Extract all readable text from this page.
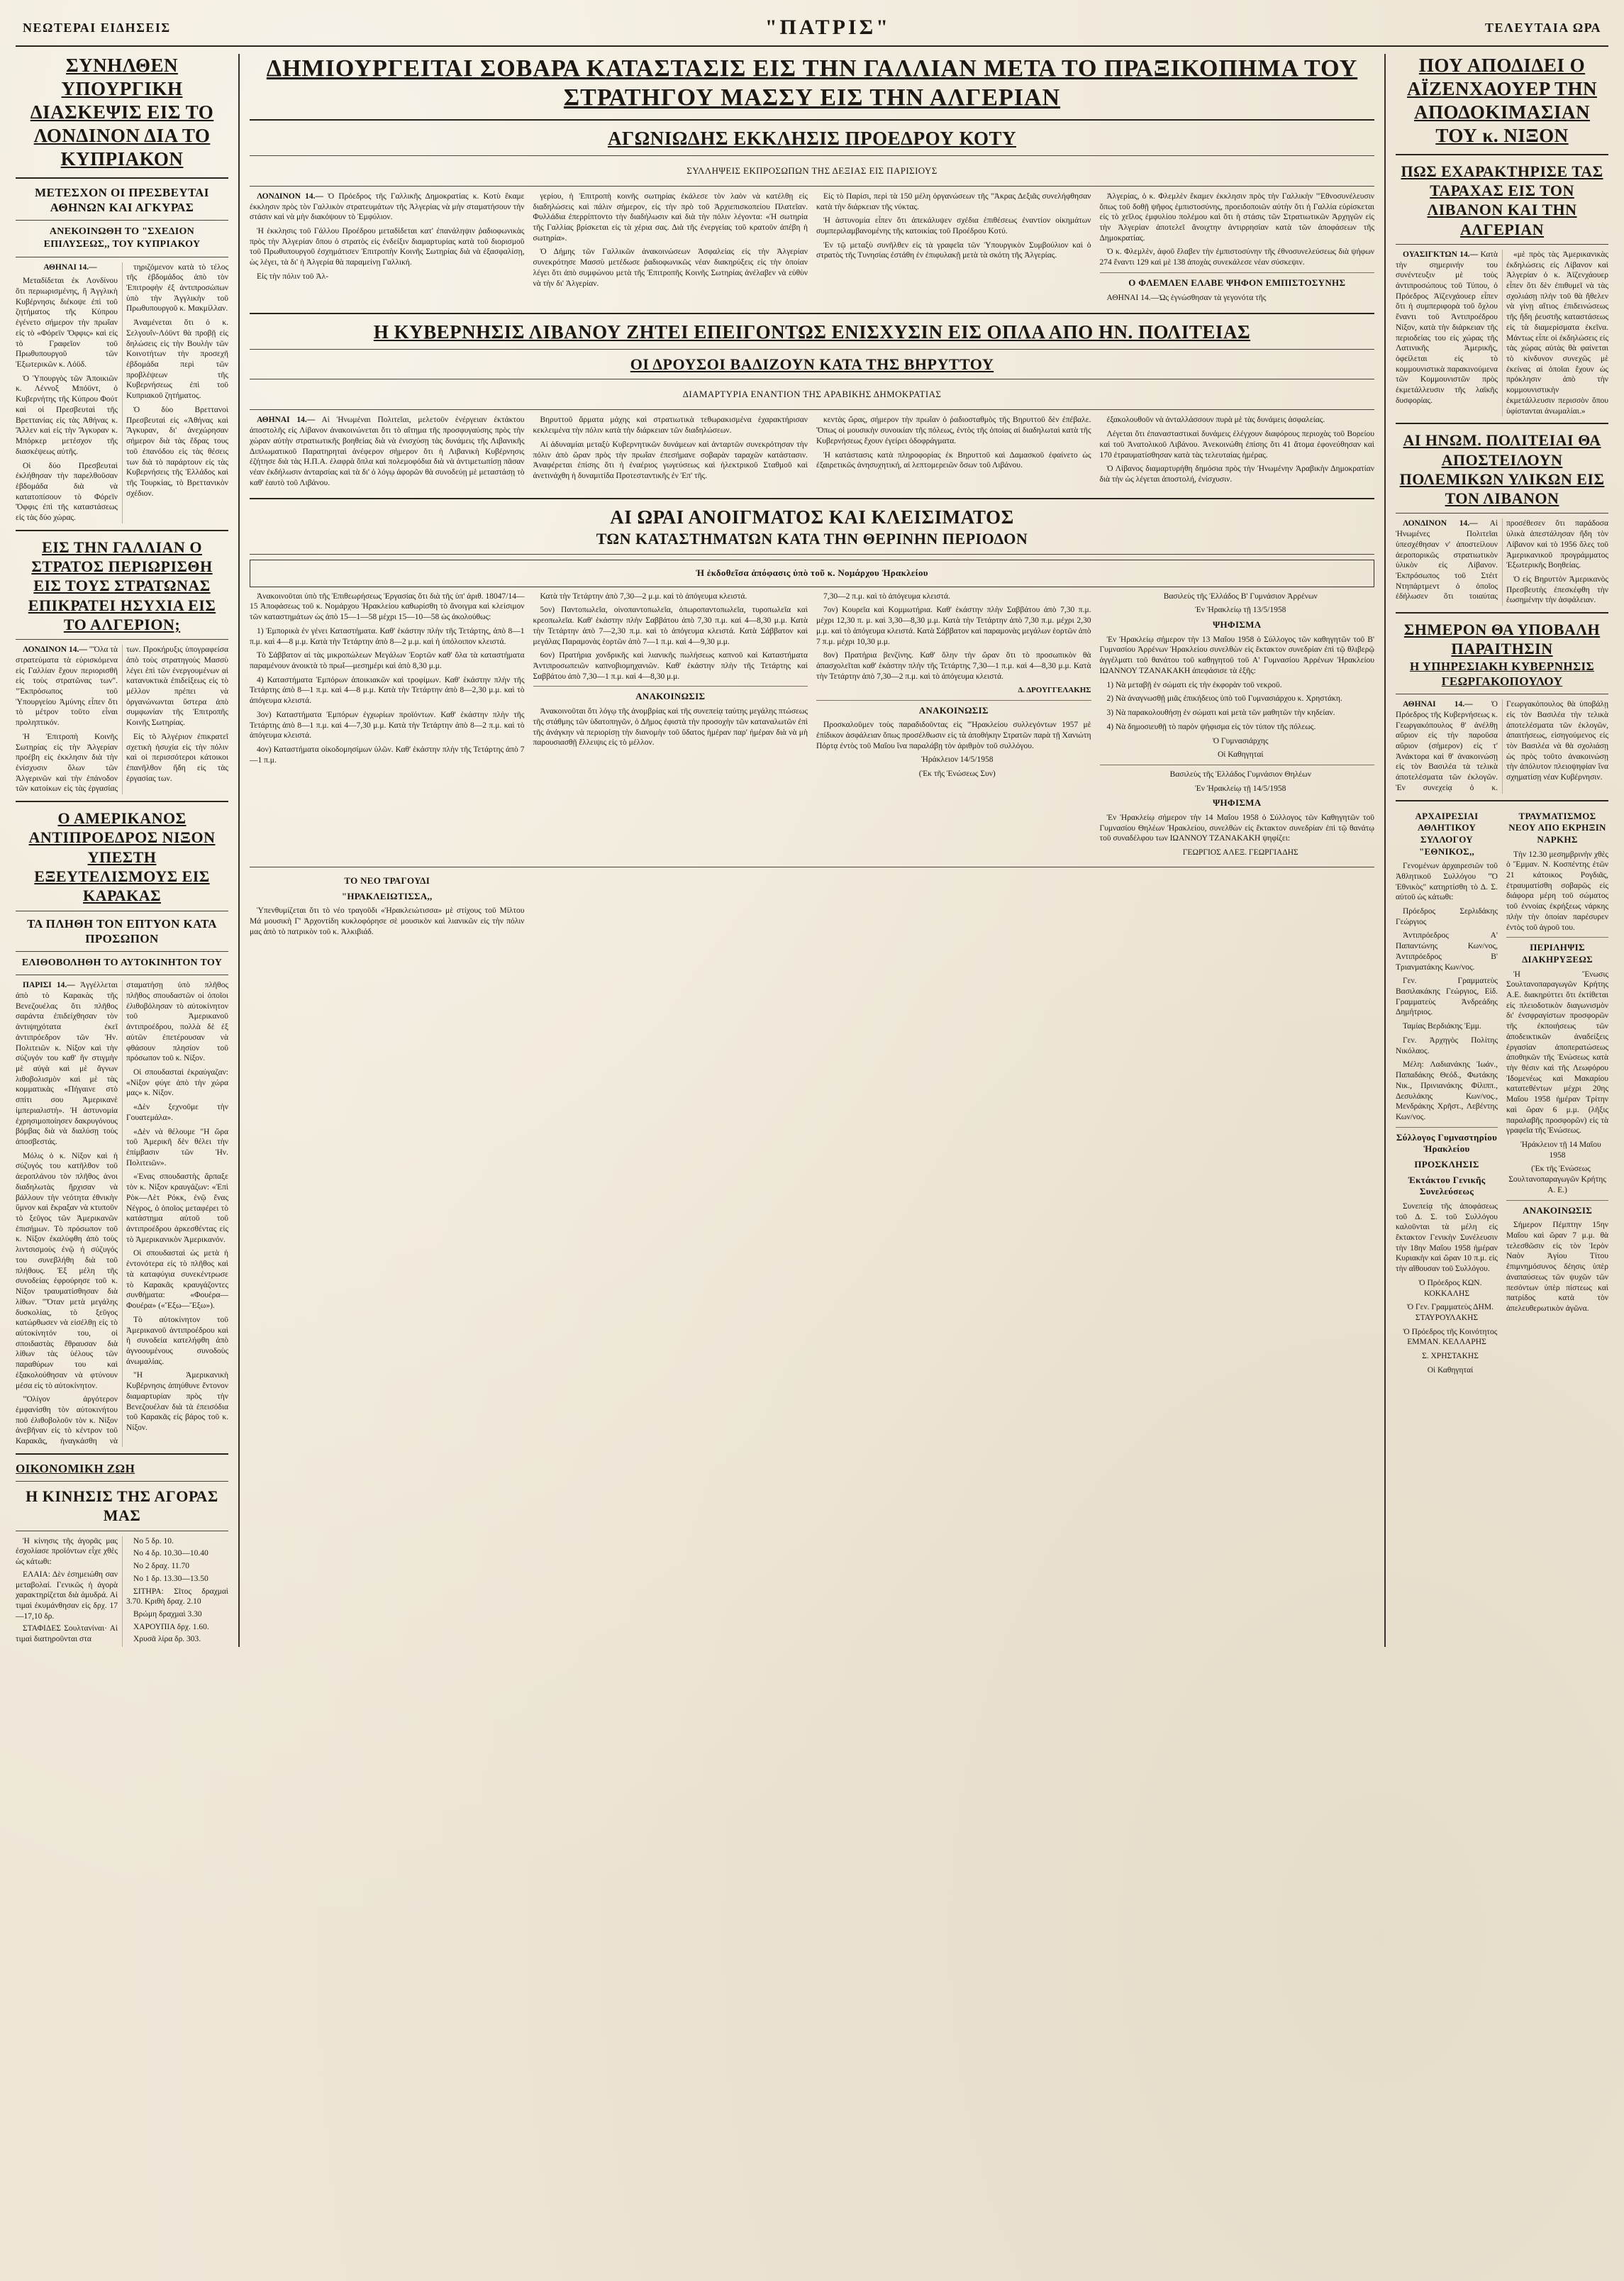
ΝΕΩΤΕΡΑΙ ΕΙΔΗΣΕΙΣ	"ΠΑΤΡΙΣ"	ΤΕΛΕΥΤΑΙΑ ΩΡΑ
ΣΥΝΗΛΘΕΝ ΥΠΟΥΡΓΙΚΗ ΔΙΑΣΚΕΨΙΣ ΕΙΣ ΤΟ ΛΟΝΔΙΝΟΝ ΔΙΑ ΤΟ ΚΥΠΡΙΑΚΟΝ
ΜΕΤΕΣΧΟΝ ΟΙ ΠΡΕΣΒΕΥΤΑΙ ΑΘΗΝΩΝ ΚΑΙ ΑΓΚΥΡΑΣ
ΑΝΕΚΟΙΝΩΘΗ ΤΟ "ΣΧΕΔΙΟΝ ΕΠΙΛΥΣΕΩΣ,, ΤΟΥ ΚΥΠΡΙΑΚΟΥ

ΑΘΗΝΑΙ 14.—

Μεταδίδεται ἐκ Λονδίνου ὅτι περιωρισμένης, ἢ Ἀγγλικὴ Κυβέρνησις διέκοψε ἐπὶ τοῦ ζητήματος τῆς Κύπρου ἐγένετο σήμερον τὴν πρωΐαν εἰς τὸ «Φόρεϊν Ὄφφις» καὶ εἰς τὸ Γραφεῖον τοῦ Πρωθυπουργοῦ τῶν Ἐξωτερικῶν κ. Λόϋδ.

Ὁ Ὑπουργὸς τῶν Ἀποικιῶν κ. Λέννοξ Μπόϋντ, ὁ Κυβερνήτης τῆς Κύπρου Φούτ καὶ οἱ Πρεσβευταὶ τῆς Βρεττανίας εἰς τὰς Ἀθήνας κ. Ἄλλεν καὶ εἰς τὴν Ἄγκυραν κ. Μπόρκερ μετέσχον τῆς διασκέψεως αὐτῆς.

Οἱ δύο Πρεσβευταὶ ἐκλήθησαν τὴν παρελθοῦσαν ἑβδομάδα διὰ νὰ κατατοπίσουν τὸ Φόρεϊν Ὄφφις ἐπὶ τῆς καταστάσεως εἰς τὰς δύο χώρας.

τηριζόμενον κατὰ τὸ τέλος τῆς ἑβδομάδος ἀπὸ τὸν Ἐπιτροφὴν ἐξ ἀντιπροσώπων ὑπὸ τὴν Ἀγγλικὴν τοῦ Πρωθυπουργοῦ κ. Μακμίλλαν.

Ἀναμένεται ὅτι ὁ κ. Σελγουΐν-Λόϋντ θὰ προβῇ εἰς δηλώσεις εἰς τὴν Βουλὴν τῶν Κοινοτήτων τὴν προσεχῆ ἑβδομάδα περὶ τῶν προβλέψεων τῆς Κυβερνήσεως ἐπὶ τοῦ Κυπριακοῦ ζητήματος.

Ὁ δὺο Βρεττανοὶ Πρεσβευταὶ εἰς «Ἀθήνας καὶ Ἄγκυραν, δι' ἀνεχώρησαν σήμερον διὰ τὰς ἕδρας τους τοῦ ἐπανόδου εἰς τὰς θέσεις των διὰ τὸ παράρτουν εἰς τὰς Κυβερνήσεις τῆς Ἑλλάδος καὶ τῆς Τουρκίας, τὸ Βρεττανικὸν σχέδιον.

ΕΙΣ ΤΗΝ ΓΑΛΛΙΑΝ Ο ΣΤΡΑΤΟΣ ΠΕΡΙΩΡΙΣΘΗ ΕΙΣ ΤΟΥΣ ΣΤΡΑΤΩΝΑΣ ΕΠΙΚΡΑΤΕΙ ΗΣΥΧΙΑ ΕΙΣ ΤΟ ΑΛΓΕΡΙΟΝ;

ΛΟΝΔΙΝΟΝ 14.— "Ὅλα τὰ στρατεύματα τὰ εὐρισκόμενα εἰς Γαλλίαν ἔχουν περιορισθῆ εἰς τοὺς στρατῶνας των". "Ἐκπρόσωπος τοῦ Ὑπουργείου Ἀμύνης εἶπεν ὅτι τὸ μέτρον τοῦτο εἶναι προληπτικόν.

Ἡ Ἐπιτροπὴ Κοινῆς Σωτηρίας εἰς τὴν Ἀλγερίαν προέβη εἰς ἐκκλησιν διὰ τὴν ἐνίσχυσιν ὅλων τῶν Ἀλγερινῶν καὶ τὴν ἐπάνοδον τῶν κατοίκων εἰς τὰς ἐργασίας των. Προκήρυξις ὑπογραφείσα ἀπὸ τοὺς στρατηγοὺς Μασσὺ λέγει ἐπὶ τῶν ἐνεργουμένων αἱ κατανυκτικὰ ἐπιδείξεως εἰς τὸ μέλλον πρέπει νὰ ὀργανώνωνται ὕστερα ἀπὸ συμφωνίαν τῆς Ἐπιτροπῆς Κοινῆς Σωτηρίας.

Εἰς τὸ Ἀλγέριον ἐπικρατεῖ σχετικὴ ἡσυχία εἰς τὴν πόλιν καὶ οἱ περισσότεροι κάτοικοι ἐπανῆλθον ἤδη εἰς τὰς ἐργασίας των.

Ο ΑΜΕΡΙΚΑΝΟΣ ΑΝΤΙΠΡΟΕΔΡΟΣ ΝΙΞΟΝ ΥΠΕΣΤΗ ΕΞΕΥΤΕΛΙΣΜΟΥΣ ΕΙΣ ΚΑΡΑΚΑΣ
ΤΑ ΠΛΗΘΗ ΤΟΝ ΕΠΤΥΟΝ ΚΑΤΑ ΠΡΟΣΩΠΟΝ
ΕΛΙΘΟΒΟΛΗΘΗ ΤΟ ΑΥΤΟΚΙΝΗΤΟΝ ΤΟΥ

ΠΑΡΙΣΙ 14.— Ἀγγέλλεται ἀπὸ τὸ Καρακὰς τῆς Βενεζουέλας ὅτι πλῆθος σαράντα ἐπιδείχθησαν τὸν ἀντιψηχότατα ἐκεῖ ἀντιπρόεδρον τῶν Ἡν. Πολιτειῶν κ. Νίξον καὶ τὴν σύζυγόν του καθ' ἣν στιγμὴν μὲ αὐγὰ καὶ μὲ ἄγνων λιθοβολισμὸν καὶ μὲ τὰς κομματικὰς «Πήγαινε στὸ σπίτι σου Ἀμερικανὲ ἱμπεριαλιστή». Ἡ ἀστυνομία ἐχρησιμοποίησεν δακρυγόνους βόμβας διὰ νὰ διαλύσῃ τοὺς ἀποσβεστάς.

Μόλις ὁ κ. Νίξον καὶ ἡ σύζυγός του κατῆλθον τοῦ ἀεροπλάνου τὸν πλῆθος ἀνοι διαδηλωτὰς ἤρχισαν νὰ βάλλουν τὴν νεότητα ἐθνικὴν ὕμνον καὶ ἔκραξαν νὰ κτυποῦν τὸ ξεῦγος τῶν Ἀμερικανῶν ἐπισήμων. Τὸ πρόσωπον τοῦ κ. Νίξον ἐκαλύφθη ἀπὸ τοὺς λιντσισμοὺς ἐνῷ ἡ σύζυγός του συνεβλήθη διὰ τοῦ πλήθους. Ἐξ μέλη τῆς συνοδείας ἐφρούρησε τοῦ κ. Νίξον τραυματίσθησαν διὰ λίθων. "Ὅταν μετὰ μεγάλης δυσκολίας, τὸ ξεῦγος κατώρθωσεν νὰ εἰσέλθῃ εἰς τὸ αὐτοκίνητόν του, οἱ σποιδαστὰς ἔθραυσαν διὰ λίθων τὰς ὑέλους τῶν παραθύρων του καὶ ἐξακολούθησαν νὰ φτύνουν μέσα εἰς τὸ αὐτοκίνητον.

"Ὀλίγον ἀργότερον ἐμφανίσθη τὸν αὐτοκινήτου ποῦ ἐλιθοβολοῦν τὸν κ. Νίξον ἀνεβῆναν εἰς τὸ κέντρον τοῦ Καρακᾶς, ἡναγκάσθη νὰ σταματήσῃ ὑπὸ πλῆθος πλῆθος σπουδαστῶν οἱ ὁποῖοι ἐλιθοβόλησαν τὸ αὐτοκίνητον τοῦ Ἀμερικανοῦ ἀντιπροέδρου, πολλὰ δὲ ἐξ αὐτῶν ἐπετέρουσαν νὰ φθάσουν πλησίον τοῦ πρόσωπον τοῦ κ. Νίξον.

Οἱ σπουδασταὶ ἐκραύγαζαν: «Νίξον φύγε ἀπὸ τὴν χώρα μας» κ. Νίξον.

«Δὲν ξεχνοῦμε τὴν Γουατεμάλα».

«Δὲν νὰ θέλουμε "Η ὥρα τοῦ Ἀμερικῆ δὲν θέλει τὴν ἐπίμβασιν τῶν Ἡν. Πολιτειῶν».

«Ἐνας σπουδαστὴς ἄρπαξε τὸν κ. Νίξον κραυγάζων: «Ἐπὶ Ρὸκ—Λὲτ Ρόκκ, ἐνῷ ἕνας Νέγρος, ὁ ὁποῖος μεταφέρει τὸ κατάστημα αὐτοῦ τοῦ ἀντιπροέδρου ἀρκεσθέντας εἰς τὸ Ἀμερικανικὸν Ἀμερικανόν.

Οἱ σπουδασταὶ ὡς μετὰ ἡ ἐντονότερα εἰς τὸ πλῆθος καὶ τὰ καταφύγια συνεκέντρωσε τὸ Καρακᾶς κραυγάζοντες συνθήματα: «Φουέρα—Φουέρα» («Ἔξω—Ἔξω»).

Τὸ αὐτοκίνητον τοῦ Ἀμερικανοῦ ἀντιπροέδρου καὶ ἡ συνοδεία κατελήφθη ἀπὸ ἀγνοουμένους συνοδοὺς ἀνωμαλίας.

"Η Ἀμερικανικὴ Κυβέρνησις ἀπηύθυνε ἔντονον διαμαρτυρίαν πρὸς τὴν Βενεζουέλαν διὰ τὰ ἐπεισόδια τοῦ Καρακᾶς εἰς βάρος τοῦ κ. Νίξον.

ΟΙΚΟΝΟΜΙΚΗ ΖΩΗ
Η ΚΙΝΗΣΙΣ ΤΗΣ ΑΓΟΡΑΣ ΜΑΣ

Ἡ κίνησις τῆς ἀγορᾶς μας ἐσχολίασε προϊόντων εἶχε χθὲς ὡς κάτωθι:

ΕΛΑΙΑ: Δὲν ἐσημειώθη σαν μεταβολαί. Γενικῶς ἡ ἀγορὰ χαρακτηρίζεται διὰ ἀμυδρά. Αἱ τιμαὶ ἐκυμάνθησαν εἰς δρχ. 17—17,10 δρ.

ΣΤΑΦΙΔΕΣ Σουλτανίναι· Αἱ τιμαὶ διατηροῦνται στα

Νο 5 δρ. 10.

Νο 4 δρ. 10.30—10.40

Νο 2 δραχ. 11.70

Νο 1 δρ. 13.30—13.50

ΣΙΤΗΡΑ: Σῖτος δραχμαὶ 3.70. Κριθὴ δραχ. 2.10

Βρώμη δραχμαὶ 3.30

ΧΑΡΟΥΠΙΑ δρχ. 1.60.

Χρυσᾶ λίρα δρ. 303.

ΔΗΜΙΟΥΡΓΕΙΤΑΙ ΣΟΒΑΡΑ ΚΑΤΑΣΤΑΣΙΣ ΕΙΣ ΤΗΝ ΓΑΛΛΙΑΝ ΜΕΤΑ ΤΟ ΠΡΑΞΙΚΟΠΗΜΑ ΤΟΥ ΣΤΡΑΤΗΓΟΥ ΜΑΣΣΥ ΕΙΣ ΤΗΝ ΑΛΓΕΡΙΑΝ
ΑΓΩΝΙΩΔΗΣ ΕΚΚΛΗΣΙΣ ΠΡΟΕΔΡΟΥ ΚΟΤΥ
ΣΥΛΛΗΨΕΙΣ ΕΚΠΡΟΣΩΠΩΝ ΤΗΣ ΔΕΞΙΑΣ ΕΙΣ ΠΑΡΙΣΙΟΥΣ

ΛΟΝΔΙΝΟΝ 14.— Ὁ Πρόεδρος τῆς Γαλλικῆς Δημοκρατίας κ. Κοτὺ ἔκαμε ἐκκλησιν πρὸς τὸν Γαλλικὸν στρατευμάτων τῆς Ἀλγερίας νὰ μὴν σταματήσουν τὴν στάσιν καὶ νὰ μὴν διακόψουν τὸ Ἐμφύλιον.

Ἡ ἐκκλησις τοῦ Γάλλου Προέδρου μεταδίδεται κατ' ἐπανάληψιν ῥαδιοφωνικὰς πρὸς τὴν Ἀλγερίαν ὅπου ὁ στρατὸς εἰς ἐνδείξιν διαμαρτυρίας κατὰ τοῦ διορισμοῦ τοῦ Πρωθυπουργοῦ ἐσχημάτισεν Ἐπιτροπὴν Κοινῆς Σωτηρίας διὰ νὰ ἐξασφαλίσῃ, ὡς λέγει, τὰ δι' ἡ Ἀλγερία θὰ παραμείνῃ Γαλλική.

Εἰς τὴν πόλιν τοῦ Ἀλ-

γερίου, ἡ Ἐπιτροπὴ κοινῆς σωτηρίας ἐκάλεσε τὸν λαὸν νὰ κατέλθῃ εἰς διαδηλώσεις καὶ πάλιν σήμερον, εἰς τὴν πρὸ τοῦ Ἀρχιεπισκοπείου Πλατεῖαν. Φυλλάδια ἐπερρίπτοντο τὴν διαδήλωσιν καὶ διὰ τὴν πόλιν λέγοντα: «Ἡ σωτηρία τῆς Γαλλίας βρίσκεται εἰς τὰ χέρια σας. Διὰ τῆς ἐνεργείας τοῦ κρατοῦν ἀπέβη ἡ σωτηρία».

Ὁ Δήμης τῶν Γαλλικῶν ἀνακοινώσεων Ἀσφαλείας εἰς τὴν Ἀλγερίαν συνεκρότησε Μασσὺ μετέδωσε ῥαδιοφωνικῶς νέαν διακηρύξεις εἰς τὴν ὁποίαν λέγει ὅτι ἀπὸ συμφώνου μετὰ τῆς Ἐπιτροπῆς Κοινῆς Σωτηρίας ἀνέλαβεν νὰ εὐθὺν νὰ τὴν δι' Ἀλγερίαν.

Εἰς τὸ Παρίσι, περὶ τὰ 150 μέλη ὀργανώσεων τῆς "Ἀκρας Δεξιᾶς συνελήφθησαν κατὰ τὴν διάρκειαν τῆς νύκτας.

Ἡ ἀστυνομία εἶπεν ὅτι ἀπεκάλυψεν σχέδια ἐπιθέσεως ἐναντίον οἰκημάτων συμπεριλαμβανομένης τῆς κατοικίας τοῦ Προέδρου Κοτύ.

Ἐν τῷ μεταξὺ συνῆλθεν εἰς τὰ γραφεῖα τῶν Ὑπουργικὸν Συμβούλιον καὶ ὁ στρατὸς τῆς Τυνησίας ἐστάθη ἐν ἐπιφυλακῇ μετὰ τὰ σκότη τῆς Ἀλγερίας.

Ἀλγερίας, ὁ κ. Φλεμλὲν ἔκαμεν ἐκκλησιν πρὸς τὴν Γαλλικὴν "Ἐθνοσυνέλευσιν ὅπως τοῦ δοθῇ ψῆφος ἐμπιστοσύνης, προειδοποιῶν αὐτὴν ὅτι ἡ Γαλλία εὑρίσκεται εἰς τὸ χεῖλος ἐμφυλίου πολέμου καὶ ὅτι ἡ στάσις τῶν Στρατιωτικῶν Ἀρχηγῶν εἰς τὴν Ἀλγερίαν ἀποτελεῖ ἄνοιχτην ἀντιρρησίαν κατὰ τῶν ἀποφάσεων τῆς Δημοκρατίας.

Ὁ κ. Φλεμλὲν, ἀφοῦ ἔλαβεν τὴν ἐμπιστοσύνην τῆς ἐθνοσυνελεύσεως διὰ ψήφων 274 ἔναντι 129 καὶ μὲ 138 ἀποχὰς συνεκάλεσε νέαν σύσκεψιν.

Ο ΦΛΕΜΛΕΝ ΕΛΑΒΕ ΨΗΦΟΝ ΕΜΠΙΣΤΟΣΥΝΗΣ

ΑΘΗΝΑΙ 14.—Ὡς ἐγνώσθησαν τὰ γεγονότα τῆς

Η ΚΥΒΕΡΝΗΣΙΣ ΛΙΒΑΝΟΥ ΖΗΤΕΙ ΕΠΕΙΓΟΝΤΩΣ ΕΝΙΣΧΥΣΙΝ ΕΙΣ ΟΠΛΑ ΑΠΟ ΗΝ. ΠΟΛΙΤΕΙΑΣ
ΟΙ ΔΡΟΥΣΟΙ ΒΑΔΙΖΟΥΝ ΚΑΤΑ ΤΗΣ ΒΗΡΥΤΤΟΥ
ΔΙΑΜΑΡΤΥΡΙΑ ΕΝΑΝΤΙΟΝ ΤΗΣ ΑΡΑΒΙΚΗΣ ΔΗΜΟΚΡΑΤΙΑΣ

ΑΘΗΝΑΙ 14.— Αἱ Ἡνωμέναι Πολιτεῖαι, μελετοῦν ἐνέργειαν ἐκτάκτου ἀποστολῆς εἰς Λίβανον ἀνακοινώνεται ὅτι τὸ αἴτημα τῆς προσφυγαύσης πρὸς τὴν χώραν αὐτὴν στρατιωτικῆς βοηθείας διὰ νὰ ἐνισχύσῃ τὰς δυνάμεις τῆς Λιβανικῆς Διπλωματικοῦ Παρατηρηταὶ ἀνέφερον σήμερον ὅτι ἡ Λιβανικὴ Κυβέρνησις ἐζήτησε διὰ τὰς Η.Π.Α. ἐλαφρὰ ὅπλα καὶ πολεμοφόδια διὰ νὰ ἀντιμετωπίσῃ πᾶσαν νέαν ἐκδήλωσιν ἀνταρσίας καὶ τὰ δι' ὁ λόγῳ ἀφορῶν θὰ συνοδεύῃ μὲ μεταστάσῃ τὸ καθ' ἑαυτὸ τοῦ Λιβάνου.

Βηρυττοῦ ἅρματα μάχης καὶ στρατιωτικὰ τεθωρακισμένα ἐχαρακτήρισαν κεκλειμένα τὴν πόλιν κατὰ τὴν διάρκειαν τῶν διαδηλώσεων.

Αἱ ἀδυναμίαι μεταξὺ Κυβερνητικῶν δυνάμεων καὶ ἀνταρτῶν συνεκρότησαν τὴν πόλιν ἀπὸ ὥραν πρὸς τὴν πρωΐαν ἐπεσήμανε σοβαρὰν ταραχῶν κατάστασιν. Ἀναφέρεται ἐπίσης ὅτι ἡ ἐναέριος γωγεύσεως καὶ ἡλεκτρικοῦ Σταθμοῦ καὶ ἀνετινάχθη ἡ δυναμιτίδα Προτεσταντικῆς ἐν Ἐπ' τῆς.

κεντὰς ὥρας, σήμερον τὴν πρωΐαν ὁ ῥαδιοσταθμὸς τῆς Βηρυττοῦ δὲν ἐπέβαλε. Ὅπως οἱ μουσικὴν συνοικίαν τῆς πόλεως, ἐντὸς τῆς ὁποίας αἱ διαδηλωταὶ κατὰ τῆς Κυβερνήσεως ἔχουν ἐγείρει ὁδοφράγματα.

Ἡ κατάστασις κατὰ πληροφορίας ἐκ Βηρυττοῦ καὶ Δαμασκοῦ ἐφαίνετο ὡς ἐξαιρετικῶς ἀνησυχητική, αἱ λεπτομερειῶν ὅσων τοῦ Λιβάνου.

ἐξακολουθοῦν νὰ ἀνταλλάσσουν πυρὰ μὲ τὰς δυνάμεις ἀσφαλείας.

Λέγεται ὅτι ἐπανασταστικαὶ δυνάμεις ἐλέγχουν διαφόρους περιοχὰς τοῦ Βορείου καὶ τοῦ Ἀνατολικοῦ Λιβάνου. Ἀνεκοινώθη ἐπίσης ὅτι 41 ἄτομα ἐφονεύθησαν καὶ 170 ἐτραυματίσθησαν κατὰ τὰς τελευταίας ἡμέρας.

Ὁ Λίβανος διαμαρτυρήθη δημόσια πρὸς τὴν Ἡνωμένην Ἀραβικὴν Δημοκρατίαν διὰ τὴν ὡς λέγεται ἀποστολή, ἐνίσχυσιν.

ΑΙ ΩΡΑΙ ΑΝΟΙΓΜΑΤΟΣ ΚΑΙ ΚΛΕΙΣΙΜΑΤΟΣ
ΤΩΝ ΚΑΤΑΣΤΗΜΑΤΩΝ ΚΑΤΑ ΤΗΝ ΘΕΡΙΝΗΝ ΠΕΡΙΟΔΟΝ
Ἡ ἐκδοθεῖσα ἀπόφασις ὑπὸ τοῦ κ. Νομάρχου Ἡρακλείου

Ἀνακοινοῦται ὑπὸ τῆς Ἐπιθεωρήσεως Ἐργασίας ὅτι διὰ τῆς ὑπ' ἀριθ. 18047/14—15 Ἀποφάσεως τοῦ κ. Νομάρχου Ἡρακλείου καθωρίσθη τὸ ἄνοιγμα καὶ κλείσιμον τῶν καταστημάτων ὡς ἀπὸ 15—1—58 μέχρι 15—10—58 ὡς ἀκολούθως:

1) Ἐμπορικὰ ἐν γένει Καταστήματα. Καθ' ἑκάστην πλὴν τῆς Τετάρτης, ἀπὸ 8—1 π.μ. καὶ 4—8 μ.μ. Κατὰ τὴν Τετάρτην ἀπὸ 8—2 μ.μ. καὶ ἡ ὑπόλοιπον κλειστά.

Τὸ Σάββατον αἱ τὰς μικροπώλεων Μεγάλων Ἑορτῶν καθ' ὅλα τὰ καταστήματα παραμένουν ἀνοικτὰ τὸ πρωΐ—μεσημέρι καὶ ἀπὸ 8,30 μ.μ.

4) Καταστήματα Ἐμπόρων ἀποικιακῶν καὶ τροφίμων. Καθ' ἑκάστην πλὴν τῆς Τετάρτης ἀπὸ 8—1 π.μ. καὶ 4—8 μ.μ. Κατὰ τὴν Τετάρτην ἀπὸ 8—2,30 μ.μ. καὶ τὸ ἀπόγευμα κλειστά.

3ον) Καταστήματα Ἐμπόρων ἐγχωρίων προϊόντων. Καθ' ἑκάστην πλὴν τῆς Τετάρτης ἀπὸ 8—1 π.μ. καὶ 4—7,30 μ.μ. Κατὰ τὴν Τετάρτην ἀπὸ 8—2 π.μ. καὶ τὸ ἀπόγευμα κλειστά.

4ον) Καταστήματα οἰκοδομησίμων ὑλῶν. Καθ' ἑκάστην πλὴν τῆς Τετάρτης ἀπὸ 7—1 π.μ.

Κατὰ τὴν Τετάρτην ἀπὸ 7,30—2 μ.μ. καὶ τὸ ἀπόγευμα κλειστά.

5ον) Παντοπωλεῖα, οἰνοπαντοπωλεῖα, ὀπωροπαντοπωλεῖα, τυροπωλεῖα καὶ κρεοπωλεῖα. Καθ' ἑκάστην πλὴν Σαββάτου ἀπὸ 7,30 π.μ. καὶ 4—8,30 μ.μ. Κατὰ τὴν Τετάρτην ἀπὸ 7—2,30 π.μ. καὶ τὸ ἀπόγευμα κλειστά. Κατὰ Σάββατον καὶ μεγάλας Παραμονὰς ἑορτῶν ἀπὸ 7—1 π.μ. καὶ 4—9,30 μ.μ.

6ον) Πρατήρια χονδρικῆς καὶ λιανικῆς πωλήσεως καπνοῦ καὶ Καταστήματα Ἀντιπροσωπειῶν καπνοβιομηχανιῶν. Καθ' ἑκάστην πλὴν τῆς Τετάρτης καὶ Σαββάτου ἀπὸ 7,30—1 π.μ. καὶ 4—8,30 μ.μ.

ΑΝΑΚΟΙΝΩΣΙΣ

Ἀνακοινοῦται ὅτι λόγῳ τῆς ἀνομβρίας καὶ τῆς συνεπείᾳ ταύτης μεγάλης πτώσεως τῆς στάθμης τῶν ὑδατοπηγῶν, ὁ Δῆμος ἐφιστὰ τὴν προσοχὴν τῶν καταναλωτῶν ἐπὶ τῆς ἀνάγκην νὰ περιορίσῃ τὴν διανομὴν τοῦ ὕδατος ἡμέραν παρ' ἡμέραν διὰ νὰ μὴ παρουσιασθῇ ἔλλειψις εἰς τὸ μέλλον.

7,30—2 π.μ. καὶ τὸ ἀπόγευμα κλειστά.

7ον) Κουρεῖα καὶ Κομμωτήρια. Καθ' ἑκάστην πλὴν Σαββάτου ἀπὸ 7,30 π.μ. μέχρι 12,30 π. μ. καὶ 3,30—8,30 μ.μ. Κατὰ τὴν Τετάρτην ἀπὸ 7,30 π.μ. μέχρι 2,30 μ.μ. καὶ τὸ ἀπόγευμα κλειστά. Κατὰ Σάββατον καὶ παραμονὰς μεγάλων ἑορτῶν ἀπὸ 7 π.μ. μέχρι 10,30 μ.μ.

8ον) Πρατήρια βενζίνης. Καθ' ὅλην τὴν ὥραν ὅτι τὸ προσωπικὸν θὰ ἀπασχολεῖται καθ' ἑκάστην πλὴν τῆς Τετάρτης 7,30—1 π.μ. καὶ 4—8,30 μ.μ. Κατὰ τὴν Τετάρτην ἀπὸ 7,30—2 π.μ. καὶ τὸ ἀπόγευμα κλειστά.

Δ. ΔΡΟΥΓΓΕΛΑΚΗΣ
ΑΝΑΚΟΙΝΩΣΙΣ

Προσκαλοῦμεν τοὺς παραδιδοῦντας εἰς "Ἡρακλείου συλλεγόντων 1957 μὲ ἐπίδικον ἀσφάλειαν ὅπως προσέλθωσιν εἰς τὰ ἀποθήκην Στρατῶν παρὰ τῇ Χανιώτη Πόρτᾳ ἐντὸς τοῦ Μαΐου ἵνα παραλάβῃ τὸν ἀριθμὸν τοῦ συλλόγου.

Ἡράκλειον 14/5/1958

(Ἐκ τῆς Ἑνώσεως Συν)

Βασιλεὺς τῆς Ἑλλάδος Β' Γυμνάσιον Ἀρρένων

Ἐν Ἡρακλείῳ τῇ 13/5/1958

ΨΗΦΙΣΜΑ

Ἐν Ἡρακλείῳ σήμερον τὴν 13 Μαΐου 1958 ὁ Σύλλογος τῶν καθηγητῶν τοῦ Β' Γυμνασίου Ἀρρένων Ἡρακλείου συνελθὼν εἰς ἔκτακτον συνεδρίαν ἐπὶ τῷ θλιβερῷ ἀγγέλματι τοῦ θανάτου τοῦ καθηγητοῦ τοῦ Α' Γυμνασίου Ἀρρένων Ἡρακλείου ΙΩΑΝΝΟΥ ΤΖΑΝΑΚΑΚΗ ἀπεφάσισε τὰ ἑξῆς:

1) Νὰ μεταβῇ ἐν σώματι εἰς τὴν ἐκφορὰν τοῦ νεκροῦ.

2) Νὰ ἀναγνωσθῇ μιᾶς ἐπικήδειος ὑπὸ τοῦ Γυμνασιάρχου κ. Χρηστάκη.

3) Νὰ παρακολουθήσῃ ἐν σώματι καὶ μετὰ τῶν μαθητῶν τὴν κηδείαν.

4) Νὰ δημοσιευθῇ τὸ παρὸν ψήφισμα εἰς τὸν τύπον τῆς πόλεως.

Ὁ Γυμνασιάρχης

Οἱ Καθηγηταί

Βασιλεὺς τῆς Ἑλλάδος Γυμνάσιον Θηλέων

Ἐν Ἡρακλείῳ τῇ 14/5/1958

ΨΗΦΙΣΜΑ

Ἐν Ἡρακλείῳ σήμερον τὴν 14 Μαΐου 1958 ὁ Σύλλογος τῶν Καθηγητῶν τοῦ Γυμνασίου Θηλέων Ἡρακλείου, συνελθὼν εἰς ἔκτακτον συνεδρίαν ἐπὶ τῷ θανάτῳ τοῦ συναδέλφου των ΙΩΑΝΝΟΥ ΤΖΑΝΑΚΑΚΗ ψηφίζει:

ΓΕΩΡΓΙΟΣ ΑΛΕΞ. ΓΕΩΡΓΙΑΔΗΣ

ΤΟ ΝΕΟ ΤΡΑΓΟΥΔΙ
"ΗΡΑΚΛΕΙΩΤΙΣΣΑ,,

Ὑπενθυμίζεται ὅτι τὸ νέο τραγοῦδι «Ἡρακλειώτισσα» μὲ στίχους τοῦ Μίλτου Μά μουσικὴ Γ' Ἀρχοντίδη κυκλοφόρησε σὲ μουσικὸν καὶ λιανικῶν εἰς τὴν πόλιν μας ἀπὸ τὸ πατρικὸν τοῦ κ. Ἀλκιβιάδ.

ΠΟΥ ΑΠΟΔΙΔΕΙ Ο ΑΪΖΕΝΧΑΟΥΕΡ ΤΗΝ ΑΠΟΔΟΚΙΜΑΣΙΑΝ ΤΟΥ κ. ΝΙΞΟΝ
ΠΩΣ ΕΧΑΡΑΚΤΗΡΙΣΕ ΤΑΣ ΤΑΡΑΧΑΣ ΕΙΣ ΤΟΝ ΛΙΒΑΝΟΝ ΚΑΙ ΤΗΝ ΑΛΓΕΡΙΑΝ

ΟΥΑΣΙΓΚΤΩΝ 14.— Κατὰ τὴν σημερινήν του συνέντευξιν μὲ τοὺς ἀντιπροσώπους τοῦ Τύπου, ὁ Πρόεδρος Ἀϊζενχάουερ εἶπεν ὅτι ἡ συμπεριφορὰ τοῦ ὄχλου ἔναντι τοῦ Ἀντιπροέδρου Νίξον, κατὰ τὴν διάρκειαν τῆς περιοδείας του εἰς χώρας τῆς Λατινικῆς Ἀμερικῆς, ὀφείλεται εἰς τὸ κομμουνιστικὰ παρακινούμενα τῶν Κομμουνιστῶν πρὸς ἐκμετάλλευσιν τῆς λαϊκῆς δυσφορίας.

«μὲ πρὸς τὰς Ἀμερικανικὰς ἐκδηλώσεις εἰς Λίβανον καὶ Ἀλγερίαν ὁ κ. Ἀϊζενχάουερ εἶπεν ὅτι δὲν ἐπιθυμεῖ νὰ τὰς σχολιάσῃ πλὴν τοῦ θὰ ἤθελεν νὰ γίνῃ αἴτιος ἐπιδεινώσεως τῆς ἤδη ῥευστῆς καταστάσεως εἰς τὰ διαμερίσματα ἐκεῖνα. Μάντως εἶπε οἱ ἐκδηλώσεις εἰς τὰς χώρας αὐτὰς θὰ φαίνεται τὸ κίνδυνον συνεχῶς μὲ ἐκείνας αἱ ὁποῖαι ἔχουν ὡς πρόκλησιν ἀπὸ τὴν κομμουνιστικὴν ἐκμετάλλευσιν περισσὸν ὅπου ὑφίστανται ἀνωμαλίαι.»

ΑΙ ΗΝΩΜ. ΠΟΛΙΤΕΙΑΙ ΘΑ ΑΠΟΣΤΕΙΛΟΥΝ ΠΟΛΕΜΙΚΩΝ ΥΛΙΚΩΝ ΕΙΣ ΤΟΝ ΛΙΒΑΝΟΝ

ΛΟΝΔΙΝΟΝ 14.— Αἱ Ἡνωμένες Πολιτεῖαι ὑπεσχέθησαν ν' ἀποστείλουν ἀεροπορικῶς στρατιωτικὸν ὑλικὸν εἰς Λίβανον. Ἐκπρόσωπος τοῦ Στέιτ Ντηπάρτμεντ ὁ ὁποῖος ἐδήλωσεν ὅτι τοιαύτας προσέθεσεν ὅτι παράδοσα ὑλικὰ ἀπεστάλησαν ἤδη τὸν Λίβανον καὶ τὸ 1956 ὅλες τοῦ Ἀμερικανικοῦ προγράμματος Ἐξωτερικῆς Βοηθείας.

Ὁ εἰς Βηρυττὸν Ἀμερικανὸς Πρεσβευτὴς ἐπεσκέφθη τὴν ἑωσημένην τὴν ἀσφάλειαν.

ΣΗΜΕΡΟΝ ΘΑ ΥΠΟΒΑΛΗ ΠΑΡΑΙΤΗΣΙΝ
Η ΥΠΗΡΕΣΙΑΚΗ ΚΥΒΕΡΝΗΣΙΣ ΓΕΩΡΓΑΚΟΠΟΥΛΟΥ

ΑΘΗΝΑΙ 14.— Ὁ Πρόεδρος τῆς Κυβερνήσεως κ. Γεωργακόπουλος θ' ἀνέλθῃ αὔριον εἰς τὴν παροῦσα αὔριον (σήμερον) εἰς τ' Ἀνάκτορα καὶ θ' ἀνακοινώσῃ εἰς τὸν Βασιλέα τὰ τελικὰ ἀποτελέσματα τῶν ἐκλογῶν. Ἐν συνεχείᾳ ὁ κ. Γεωργακόπουλος θὰ ὑποβάλῃ εἰς τὸν Βασιλέα τὴν τελικὰ ἀποτελέσματα τῶν ἐκλογῶν, ἀπαιτήσεως, εἰσηγούμενος εἰς τὸν Βασιλέα νὰ θὰ σχολιάσῃ ὡς πρὸς τοῦτο ἀνακοινώσῃ τὴν ἀπόλυτον πλειοψηφίαν ἵνα σχηματίσῃ νέαν Κυβέρνησιν.

ΑΡΧΑΙΡΕΣΙΑΙ ΑΘΛΗΤΙΚΟΥ ΣΥΛΛΟΓΟΥ "ΕΘΝΙΚΟΣ,,

Γενομένων ἀρχαιρεσιῶν τοῦ Ἀθλητικοῦ Συλλόγου "Ὁ Ἐθνικὸς" κατηρτίσθη τὸ Δ. Σ. αὐτοῦ ὡς κάτωθι:

Πρόεδρος Σερλιδάκης Γεώργιος

Ἀντιπρόεδρος Α' Παπαντώνης Κων/νος, Ἀντιπρόεδρος Β' Τριανματάκης Κων/νος.

Γεν. Γραμματεὺς Βασιλακάκης Γεώργιος, Εἰδ. Γραμματεὺς Ἀνδρεάδης Δημήτριος.

Ταμίας Βερδιάκης Ἐμμ.

Γεν. Ἀρχηγὸς Πολίτης Νικόλαος.

Μέλη: Λαδιανάκης Ἰωάν., Παπαδάκης Θεόδ., Φωτάκης Νικ., Πρινιανάκης Φίλιππ., Δεσυλάκης Κων/νος., Μενδράκης Χρῆστ., Λεβέντης Κων/νος.

Σύλλογος Γυμναστηρίου Ἡρακλείου
ΠΡΟΣΚΛΗΣΙΣ
Ἐκτάκτου Γενικῆς Συνελεύσεως

Συνεπείᾳ τῆς ἀποφάσεως τοῦ Δ. Σ. τοῦ Συλλόγου καλοῦνται τὰ μέλη εἰς ἔκτακτον Γενικὴν Συνέλευσιν τὴν 18ην Μαΐου 1958 ἡμέραν Κυριακὴν καὶ ὥραν 10 π.μ. εἰς τὴν αἴθουσαν τοῦ Συλλόγου.

Ὁ Πρόεδρος ΚΩΝ. ΚΟΚΚΑΛΗΣ

Ὁ Γεν. Γραμματεὺς ΔΗΜ. ΣΤΑΥΡΟΥΛΑΚΗΣ

Ὁ Πρόεδρος τῆς Κοινότητος ΕΜΜΑΝ. ΚΕΛΛΑΡΗΣ

Σ. ΧΡΗΣΤΑΚΗΣ

Οἱ Καθηγηταί

ΤΡΑΥΜΑΤΙΣΜΟΣ ΝΕΟΥ ΑΠΟ ΕΚΡΗΞΙΝ ΝΑΡΚΗΣ

Τὴν 12.30 μεσημβρινὴν χθὲς ὁ Ἔμμαν. Ν. Κοσπέντης ἐτῶν 21 κάτοικος Ρογδιᾶς, ἐτραυματίσθη σοβαρῶς εἰς διάφορα μέρη τοῦ σώματος τοῦ ἐννοίας ἐκρήξεως νάρκης πλὴν τὴν ὁποίαν παρέσυρεν ἐντὸς τοῦ ἀγροῦ του.

ΠΕΡΙΛΗΨΙΣ ΔΙΑΚΗΡΥΞΕΩΣ

Ἡ Ἕνωσις Σουλτανοπαραγωγῶν Κρήτης Α.Ε. διακηρύττει ὅτι ἐκτίθεται εἰς πλειοδοτικὸν διαγωνισμὸν δι' ἐνσφραγίστων προσφορῶν τῆς ἐκποιήσεως τῶν ἀποδεικτικῶν ἀναδείξεις ἐργασίαν ἀποπερατώσεως ἀποθηκῶν τῆς Ἑνώσεως κατὰ τὴν θέσιν καὶ τῆς Λεωφόρου Ἰδομενέως καὶ Μακαρίου κατατεθέντων μέχρι 20ης Μαΐου 1958 ἡμέραν Τρίτην καὶ ὥραν 6 μ.μ. (λῆξις παραλαβῆς προσφορῶν) εἰς τὰ γραφεῖα τῆς Ἑνώσεως.

Ἡράκλειον τῇ 14 Μαΐου 1958

(Ἐκ τῆς Ἑνώσεως Σουλτανοπαραγωγῶν Κρήτης Α. Ε.)

ΑΝΑΚΟΙΝΩΣΙΣ

Σήμερον Πέμπτην 15ην Μαΐου καὶ ὥραν 7 μ.μ. θὰ τελεσθῶσιν εἰς τὸν Ἱερὸν Ναὸν Ἁγίου Τίτου ἐπιμνημόσυνος δέησις ὑπὲρ ἀναπαύσεως τῶν ψυχῶν τῶν πεσόντων ὑπὲρ πίστεως καὶ πατρίδος κατὰ τὸν ἀπελευθερωτικὸν ἀγῶνα.
